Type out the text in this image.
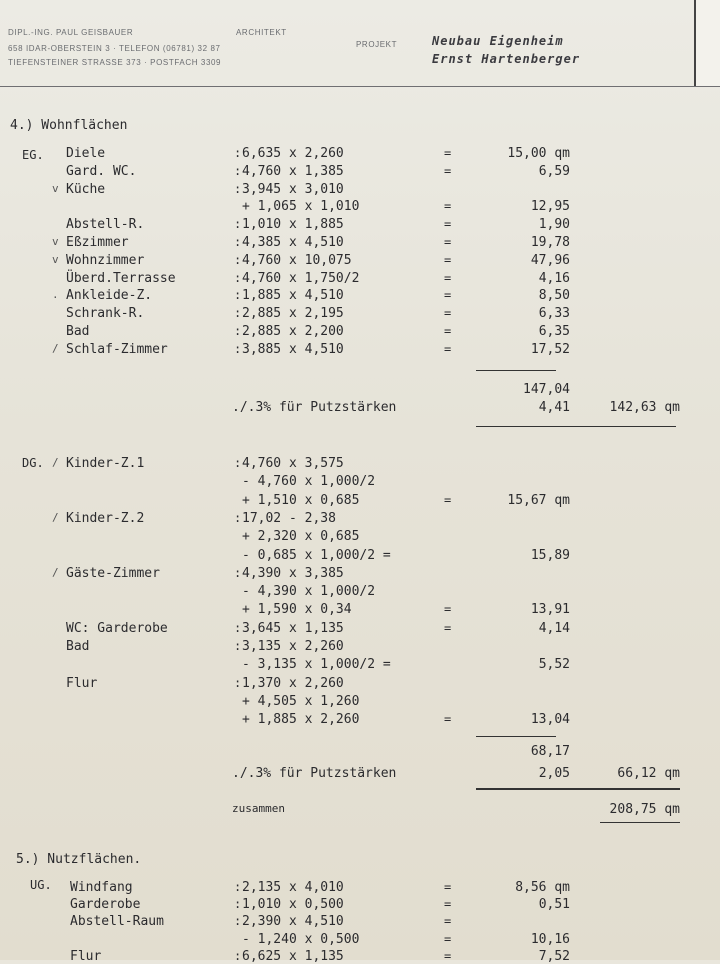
DIPL.-ING. PAUL GEISBAUER	ARCHITEKT
658 IDAR-OBERSTEIN 3 · TELEFON (06781) 32 87
TIEFENSTEINER STRASSE 373 · POSTFACH 3309
PROJEKT	Neubau Eigenheim
Ernst Hartenberger
4.) Wohnflächen
EG. Diele	: 6,635 x 2,260	=	15,00 qm
Gard. WC.	: 4,760 x 1,385	=	6,59
v Küche	: 3,945 x 3,010
+ 1,065 x 1,010	=	12,95
Abstell-R.	: 1,010 x 1,885	=	1,90
v Eßzimmer	: 4,385 x 4,510	=	19,78
v Wohnzimmer	: 4,760 x 10,075	=	47,96
Überd.Terrasse	: 4,760 x 1,750/2	=	4,16
. Ankleide-Z.	: 1,885 x 4,510	=	8,50
Schrank-R.	: 2,885 x 2,195	=	6,33
Bad	: 2,885 x 2,200	=	6,35
/ Schlaf-Zimmer	: 3,885 x 4,510	=	17,52
147,04
./.3% für Putzstärken	4,41	142,63 qm
DG. / Kinder-Z.1	: 4,760 x 3,575
- 4,760 x 1,000/2
+ 1,510 x 0,685	=	15,67 qm
/ Kinder-Z.2	: 17,02 - 2,38
+ 2,320 x 0,685
- 0,685 x 1,000/2 =	15,89
/ Gäste-Zimmer	: 4,390 x 3,385
- 4,390 x 1,000/2
+ 1,590 x 0,34	=	13,91
WC: Garderobe	: 3,645 x 1,135	=	4,14
Bad	: 3,135 x 2,260
- 3,135 x 1,000/2 =	5,52
Flur	: 1,370 x 2,260
+ 4,505 x 1,260
+ 1,885 x 2,260	=	13,04
68,17
./.3% für Putzstärken	2,05	66,12 qm
zusammen	208,75 qm
5.) Nutzflächen.
UG. Windfang	: 2,135 x 4,010	=	8,56 qm
Garderobe	: 1,010 x 0,500	=	0,51
Abstell-Raum	: 2,390 x 4,510	=
- 1,240 x 0,500	=	10,16
Flur	: 6,625 x 1,135	=	7,52
